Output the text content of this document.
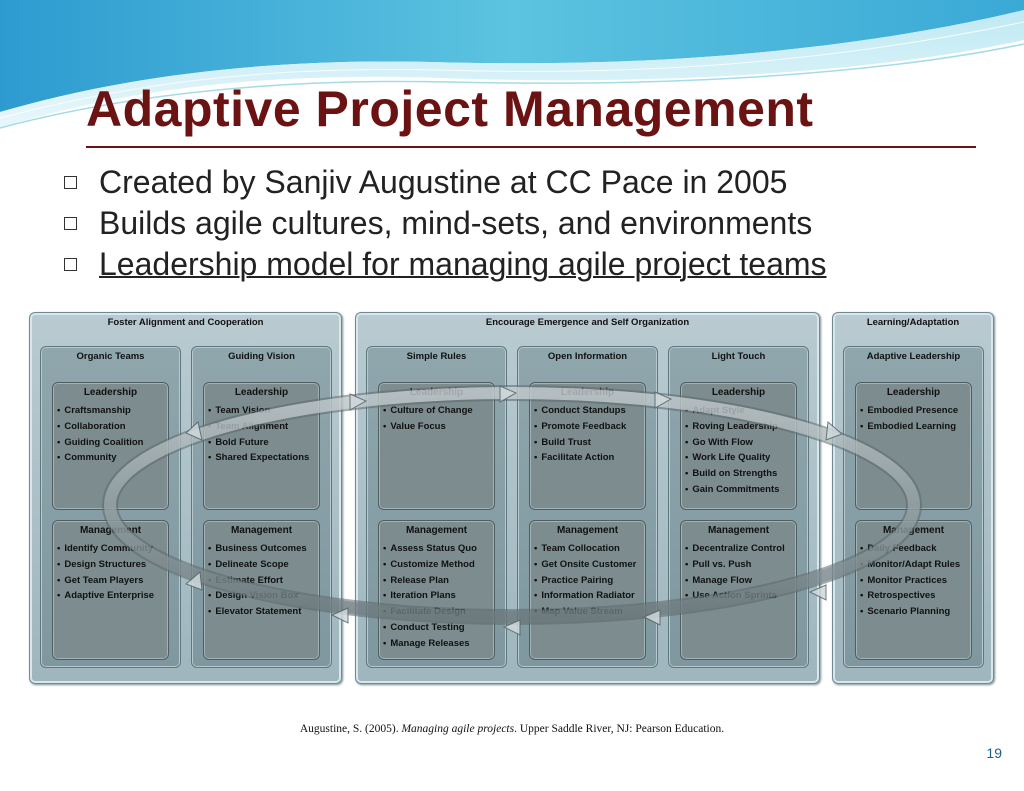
Adaptive Project Management
Created by Sanjiv Augustine at CC Pace in 2005
Builds agile cultures, mind-sets, and environments
Leadership model for managing agile project teams
Foster Alignment and Cooperation
Organic Teams
Leadership
• Craftsmanship
• Collaboration
• Guiding Coalition
• Community
Management
• Identify Community
• Design Structures
• Get Team Players
• Adaptive Enterprise
Guiding Vision
Leadership
• Team Vision
• Team Alignment
• Bold Future
• Shared Expectations
Management
• Business Outcomes
• Delineate Scope
• Estimate Effort
• Design Vision Box
• Elevator Statement
Encourage Emergence and Self Organization
Simple Rules
Leadership
• Culture of Change
• Value Focus
Management
• Assess Status Quo
• Customize Method
• Release Plan
• Iteration Plans
• Facilitate Design
• Conduct Testing
• Manage Releases
Open Information
Leadership
• Conduct Standups
• Promote Feedback
• Build Trust
• Facilitate Action
Management
• Team Collocation
• Get Onsite Customer
• Practice Pairing
• Information Radiator
• Map Value Stream
Light Touch
Leadership
• Adapt Style
• Roving Leadership
• Go With Flow
• Work Life Quality
• Build on Strengths
• Gain Commitments
Management
• Decentralize Control
• Pull vs. Push
• Manage Flow
• Use Action Sprints
Learning/Adaptation
Adaptive Leadership
Leadership
• Embodied Presence
• Embodied Learning
Management
• Daily Feedback
• Monitor/Adapt Rules
• Monitor Practices
• Retrospectives
• Scenario Planning
Augustine, S. (2005). Managing agile projects. Upper Saddle River, NJ: Pearson Education.
19
